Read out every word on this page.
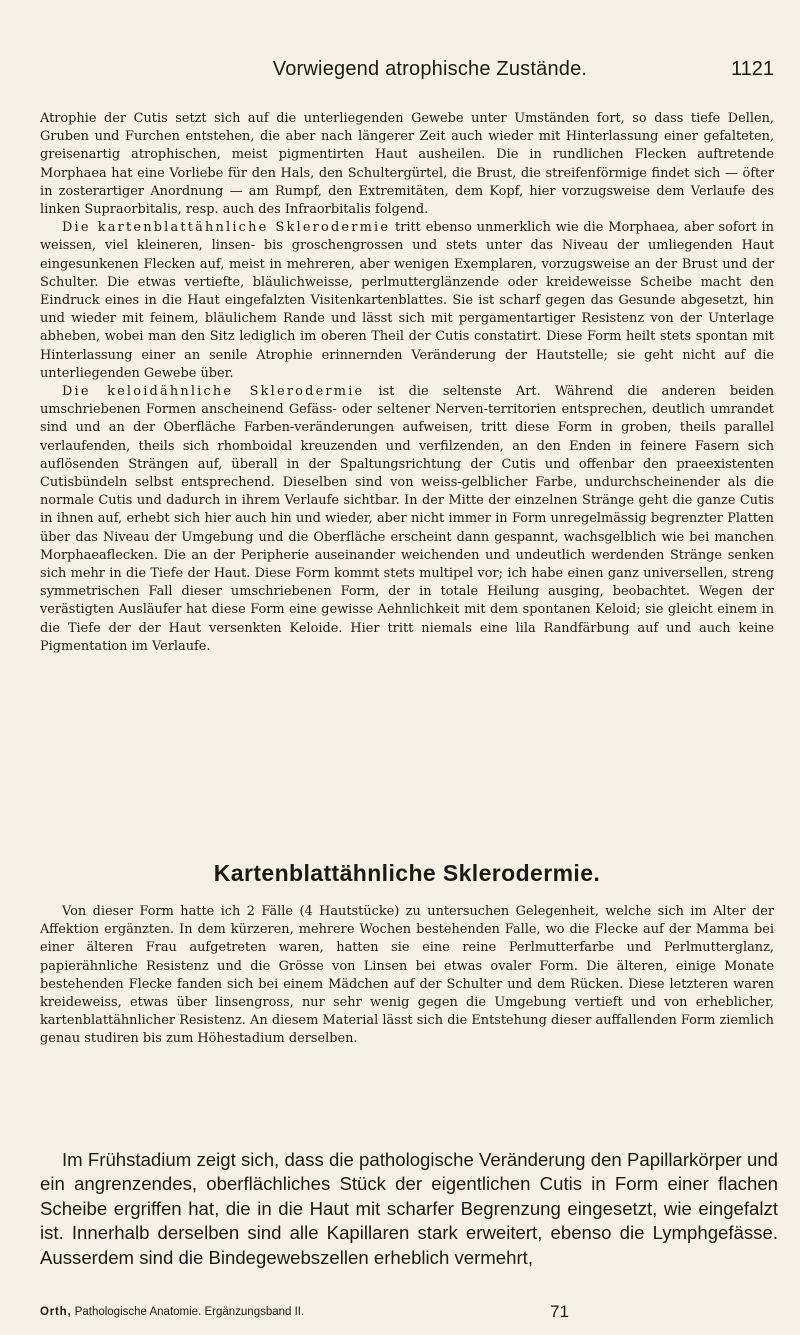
Vorwiegend atrophische Zustände.	1121

Atrophie der Cutis setzt sich auf die unterliegenden Gewebe unter Umständen fort, so dass tiefe Dellen, Gruben und Furchen entstehen, die aber nach längerer Zeit auch wieder mit Hinterlassung einer gefalteten, greisenartig atrophischen, meist pigmentirten Haut ausheilen. Die in rundlichen Flecken auftretende Morphaea hat eine Vorliebe für den Hals, den Schultergürtel, die Brust, die streifenförmige findet sich — öfter in zosterartiger Anordnung — am Rumpf, den Extremitäten, dem Kopf, hier vorzugsweise dem Verlaufe des linken Supraorbitalis, resp. auch des Infraorbitalis folgend.

Die kartenblattähnliche Sklerodermie tritt ebenso unmerklich wie die Morphaea, aber sofort in weissen, viel kleineren, linsen- bis groschengrossen und stets unter das Niveau der umliegenden Haut eingesunkenen Flecken auf, meist in mehreren, aber wenigen Exemplaren, vorzugsweise an der Brust und der Schulter. Die etwas vertiefte, bläulichweisse, perlmutterglänzende oder kreideweisse Scheibe macht den Eindruck eines in die Haut eingefalzten Visitenkartenblattes. Sie ist scharf gegen das Gesunde abgesetzt, hin und wieder mit feinem, bläulichem Rande und lässt sich mit pergamentartiger Resistenz von der Unterlage abheben, wobei man den Sitz lediglich im oberen Theil der Cutis constatirt. Diese Form heilt stets spontan mit Hinterlassung einer an senile Atrophie erinnernden Veränderung der Hautstelle; sie geht nicht auf die unterliegenden Gewebe über.

Die keloidähnliche Sklerodermie ist die seltenste Art. Während die anderen beiden umschriebenen Formen anscheinend Gefäss- oder seltener Nerven-territorien entsprechen, deutlich umrandet sind und an der Oberfläche Farben-veränderungen aufweisen, tritt diese Form in groben, theils parallel verlaufenden, theils sich rhomboidal kreuzenden und verfilzenden, an den Enden in feinere Fasern sich auflösenden Strängen auf, überall in der Spaltungsrichtung der Cutis und offenbar den praeexistenten Cutisbündeln selbst entsprechend. Dieselben sind von weiss-gelblicher Farbe, undurchscheinender als die normale Cutis und dadurch in ihrem Verlaufe sichtbar. In der Mitte der einzelnen Stränge geht die ganze Cutis in ihnen auf, erhebt sich hier auch hin und wieder, aber nicht immer in Form unregelmässig begrenzter Platten über das Niveau der Umgebung und die Oberfläche erscheint dann gespannt, wachsgelblich wie bei manchen Morphaeaflecken. Die an der Peripherie auseinander weichenden und undeutlich werdenden Stränge senken sich mehr in die Tiefe der Haut. Diese Form kommt stets multipel vor; ich habe einen ganz universellen, streng symmetrischen Fall dieser umschriebenen Form, der in totale Heilung ausging, beobachtet. Wegen der verästigten Ausläufer hat diese Form eine gewisse Aehnlichkeit mit dem spontanen Keloid; sie gleicht einem in die Tiefe der der Haut versenkten Keloide. Hier tritt niemals eine lila Randfärbung auf und auch keine Pigmentation im Verlaufe.

Kartenblattähnliche Sklerodermie.

Von dieser Form hatte ich 2 Fälle (4 Hautstücke) zu untersuchen Gelegenheit, welche sich im Alter der Affektion ergänzten. In dem kürzeren, mehrere Wochen bestehenden Falle, wo die Flecke auf der Mamma bei einer älteren Frau aufgetreten waren, hatten sie eine reine Perlmutterfarbe und Perlmutterglanz, papierähnliche Resistenz und die Grösse von Linsen bei etwas ovaler Form. Die älteren, einige Monate bestehenden Flecke fanden sich bei einem Mädchen auf der Schulter und dem Rücken. Diese letzteren waren kreideweiss, etwas über linsengross, nur sehr wenig gegen die Umgebung vertieft und von erheblicher, kartenblattähnlicher Resistenz. An diesem Material lässt sich die Entstehung dieser auffallenden Form ziemlich genau studiren bis zum Höhestadium derselben.

Im Frühstadium zeigt sich, dass die pathologische Veränderung den Papillarkörper und ein angrenzendes, oberflächliches Stück der eigentlichen Cutis in Form einer flachen Scheibe ergriffen hat, die in die Haut mit scharfer Begrenzung eingesetzt, wie eingefalzt ist. Innerhalb derselben sind alle Kapillaren stark erweitert, ebenso die Lymphgefässe. Ausserdem sind die Bindegewebszellen erheblich vermehrt,

Orth, Pathologische Anatomie. Ergänzungsband II.	71
